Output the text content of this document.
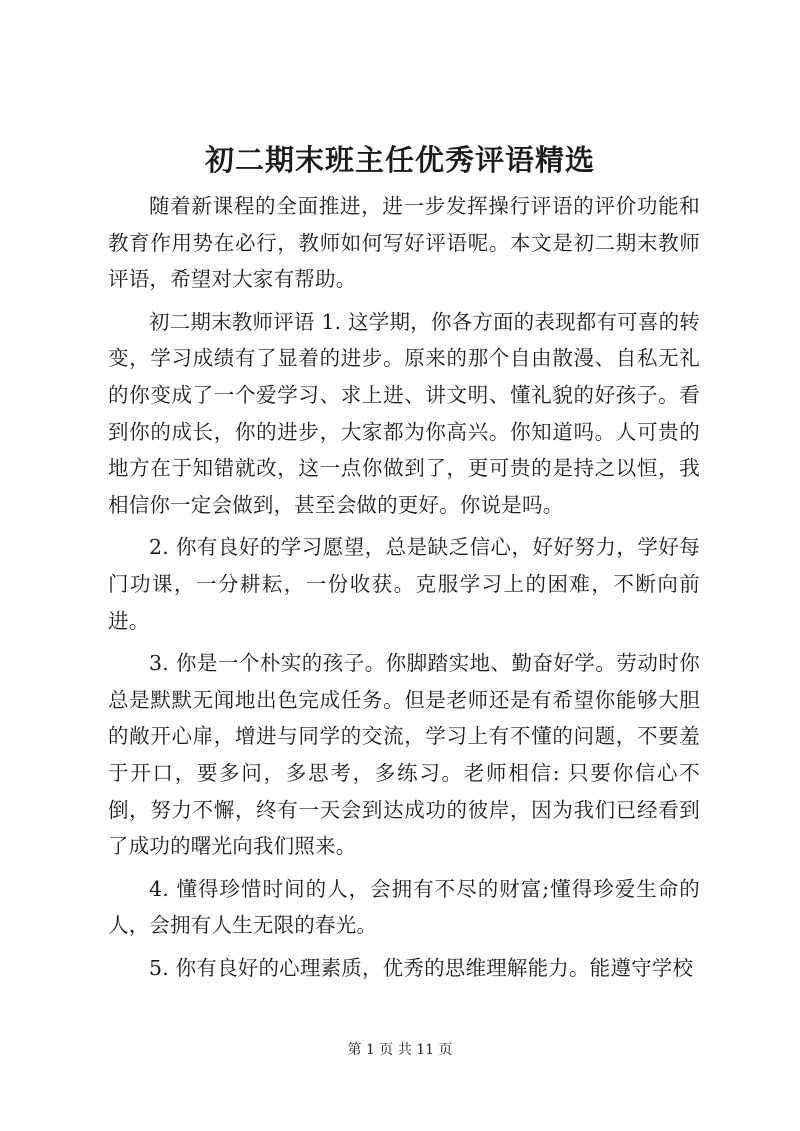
初二期末班主任优秀评语精选

随着新课程的全面推进，进一步发挥操行评语的评价功能和教育作用势在必行，教师如何写好评语呢。本文是初二期末教师评语，希望对大家有帮助。

初二期末教师评语 1. 这学期，你各方面的表现都有可喜的转变，学习成绩有了显着的进步。原来的那个自由散漫、自私无礼的你变成了一个爱学习、求上进、讲文明、懂礼貌的好孩子。看到你的成长，你的进步，大家都为你高兴。你知道吗。人可贵的地方在于知错就改，这一点你做到了，更可贵的是持之以恒，我相信你一定会做到，甚至会做的更好。你说是吗。

2. 你有良好的学习愿望，总是缺乏信心，好好努力，学好每门功课，一分耕耘，一份收获。克服学习上的困难，不断向前进。

3. 你是一个朴实的孩子。你脚踏实地、勤奋好学。劳动时你总是默默无闻地出色完成任务。但是老师还是有希望你能够大胆的敞开心扉，增进与同学的交流，学习上有不懂的问题，不要羞于开口，要多问，多思考，多练习。老师相信: 只要你信心不倒，努力不懈，终有一天会到达成功的彼岸，因为我们已经看到了成功的曙光向我们照来。

4. 懂得珍惜时间的人，会拥有不尽的财富;懂得珍爱生命的人，会拥有人生无限的春光。

5. 你有良好的心理素质，优秀的思维理解能力。能遵守学校

第 1 页 共 11 页
